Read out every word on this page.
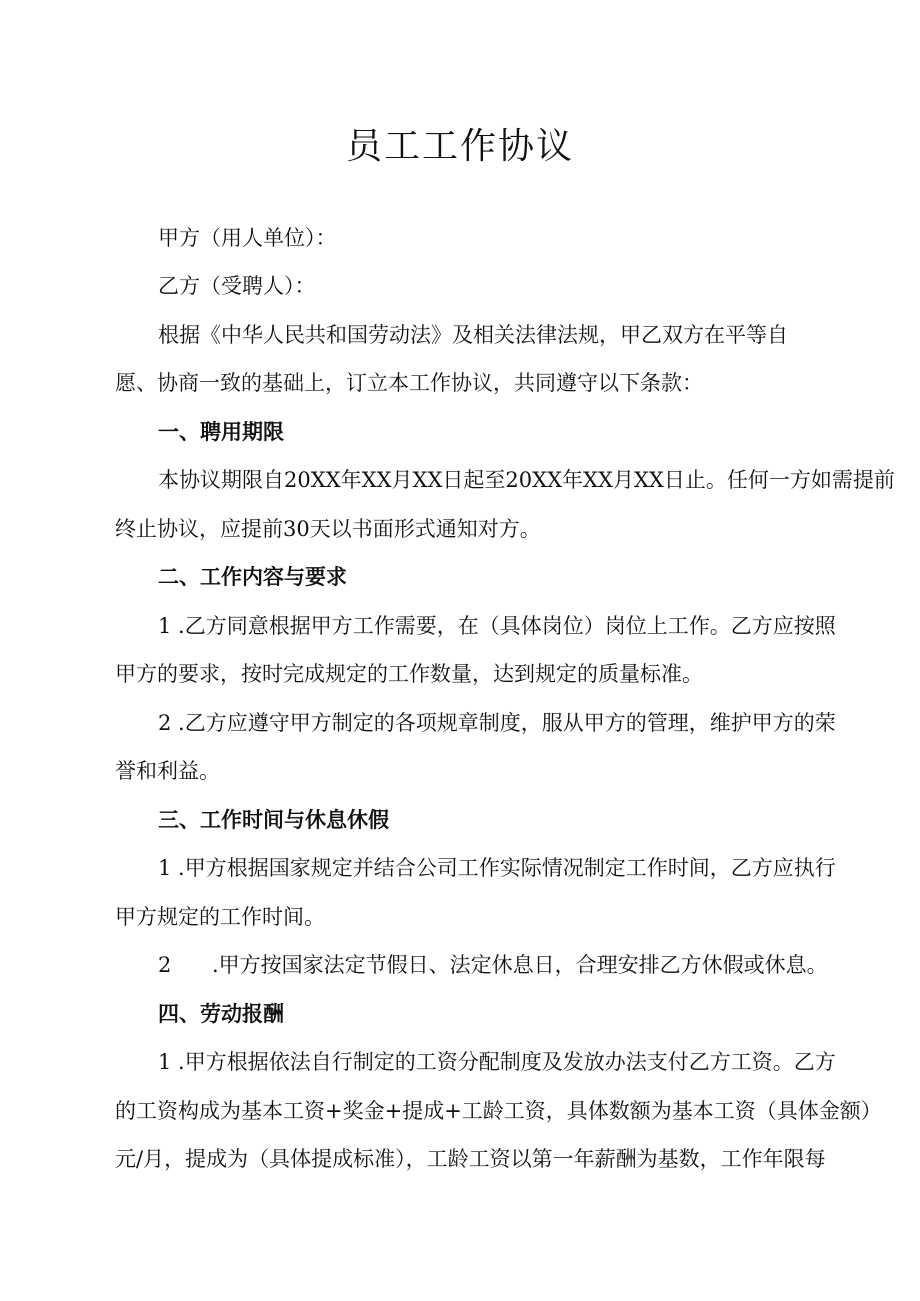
员工工作协议
甲方（用人单位）：
乙方（受聘人）：
根据《中华人民共和国劳动法》及相关法律法规，甲乙双方在平等自
愿、协商一致的基础上，订立本工作协议，共同遵守以下条款：
一、聘用期限
本协议期限自20XX年XX月XX日起至20XX年XX月XX日止。任何一方如需提前
终止协议，应提前30天以书面形式通知对方。
二、工作内容与要求
1 .乙方同意根据甲方工作需要，在（具体岗位）岗位上工作。乙方应按照
甲方的要求，按时完成规定的工作数量，达到规定的质量标准。
2 .乙方应遵守甲方制定的各项规章制度，服从甲方的管理，维护甲方的荣
誉和利益。
三、工作时间与休息休假
1 .甲方根据国家规定并结合公司工作实际情况制定工作时间，乙方应执行
甲方规定的工作时间。
2 .甲方按国家法定节假日、法定休息日，合理安排乙方休假或休息。
四、劳动报酬
1 .甲方根据依法自行制定的工资分配制度及发放办法支付乙方工资。乙方
的工资构成为基本工资+奖金+提成+工龄工资，具体数额为基本工资（具体金额）
元/月，提成为（具体提成标准），工龄工资以第一年薪酬为基数，工作年限每
